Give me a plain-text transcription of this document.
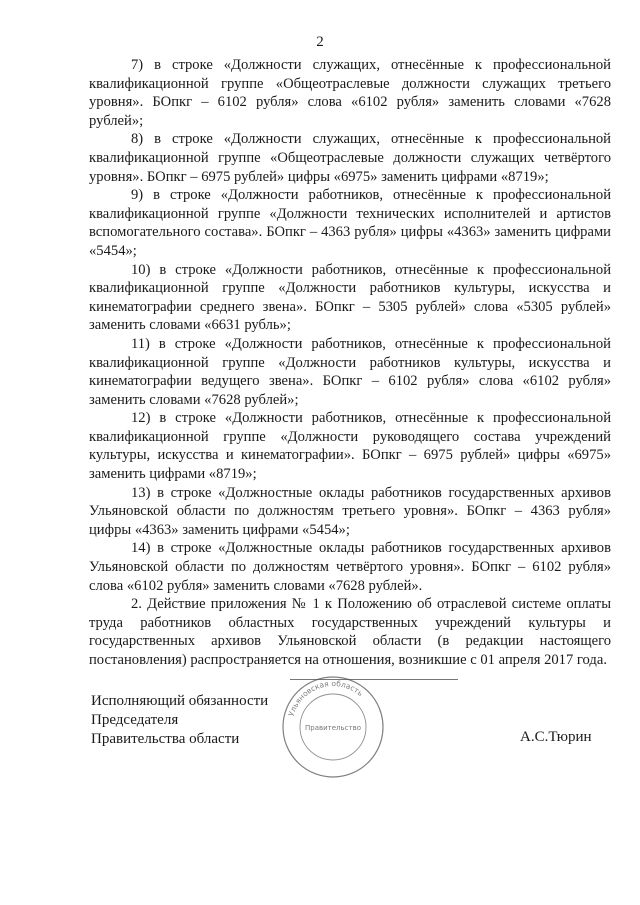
2

7) в строке «Должности служащих, отнесённые к профессиональной квалификационной группе «Общеотраслевые должности служащих третьего уровня». БОпкг – 6102 рубля» слова «6102 рубля» заменить словами «7628 рублей»;

8) в строке «Должности служащих, отнесённые к профессиональной квалификационной группе «Общеотраслевые должности служащих четвёртого уровня». БОпкг – 6975 рублей» цифры «6975» заменить цифрами «8719»;

9) в строке «Должности работников, отнесённые к профессиональной квалификационной группе «Должности технических исполнителей и артистов вспомогательного состава». БОпкг – 4363 рубля» цифры «4363» заменить цифрами «5454»;

10) в строке «Должности работников, отнесённые к профессиональной квалификационной группе «Должности работников культуры, искусства и кинематографии среднего звена». БОпкг – 5305 рублей» слова «5305 рублей» заменить словами «6631 рубль»;

11) в строке «Должности работников, отнесённые к профессиональной квалификационной группе «Должности работников культуры, искусства и кинематографии ведущего звена». БОпкг – 6102 рубля» слова «6102 рубля» заменить словами «7628 рублей»;

12) в строке «Должности работников, отнесённые к профессиональной квалификационной группе «Должности руководящего состава учреждений культуры, искусства и кинематографии». БОпкг – 6975 рублей» цифры «6975» заменить цифрами «8719»;

13) в строке «Должностные оклады работников государственных архивов Ульяновской области по должностям третьего уровня». БОпкг – 4363 рубля» цифры «4363» заменить цифрами «5454»;

14) в строке «Должностные оклады работников государственных архивов Ульяновской области по должностям четвёртого уровня». БОпкг – 6102 рубля» слова «6102 рубля» заменить словами «7628 рублей».

2. Действие приложения № 1 к Положению об отраслевой системе оплаты труда работников областных государственных учреждений культуры и государственных архивов Ульяновской области (в редакции настоящего постановления) распространяется на отношения, возникшие с 01 апреля 2017 года.

Ульяновская область
Правительство
Исполняющий обязанности
Председателя
Правительства области	А.С.Тюрин
